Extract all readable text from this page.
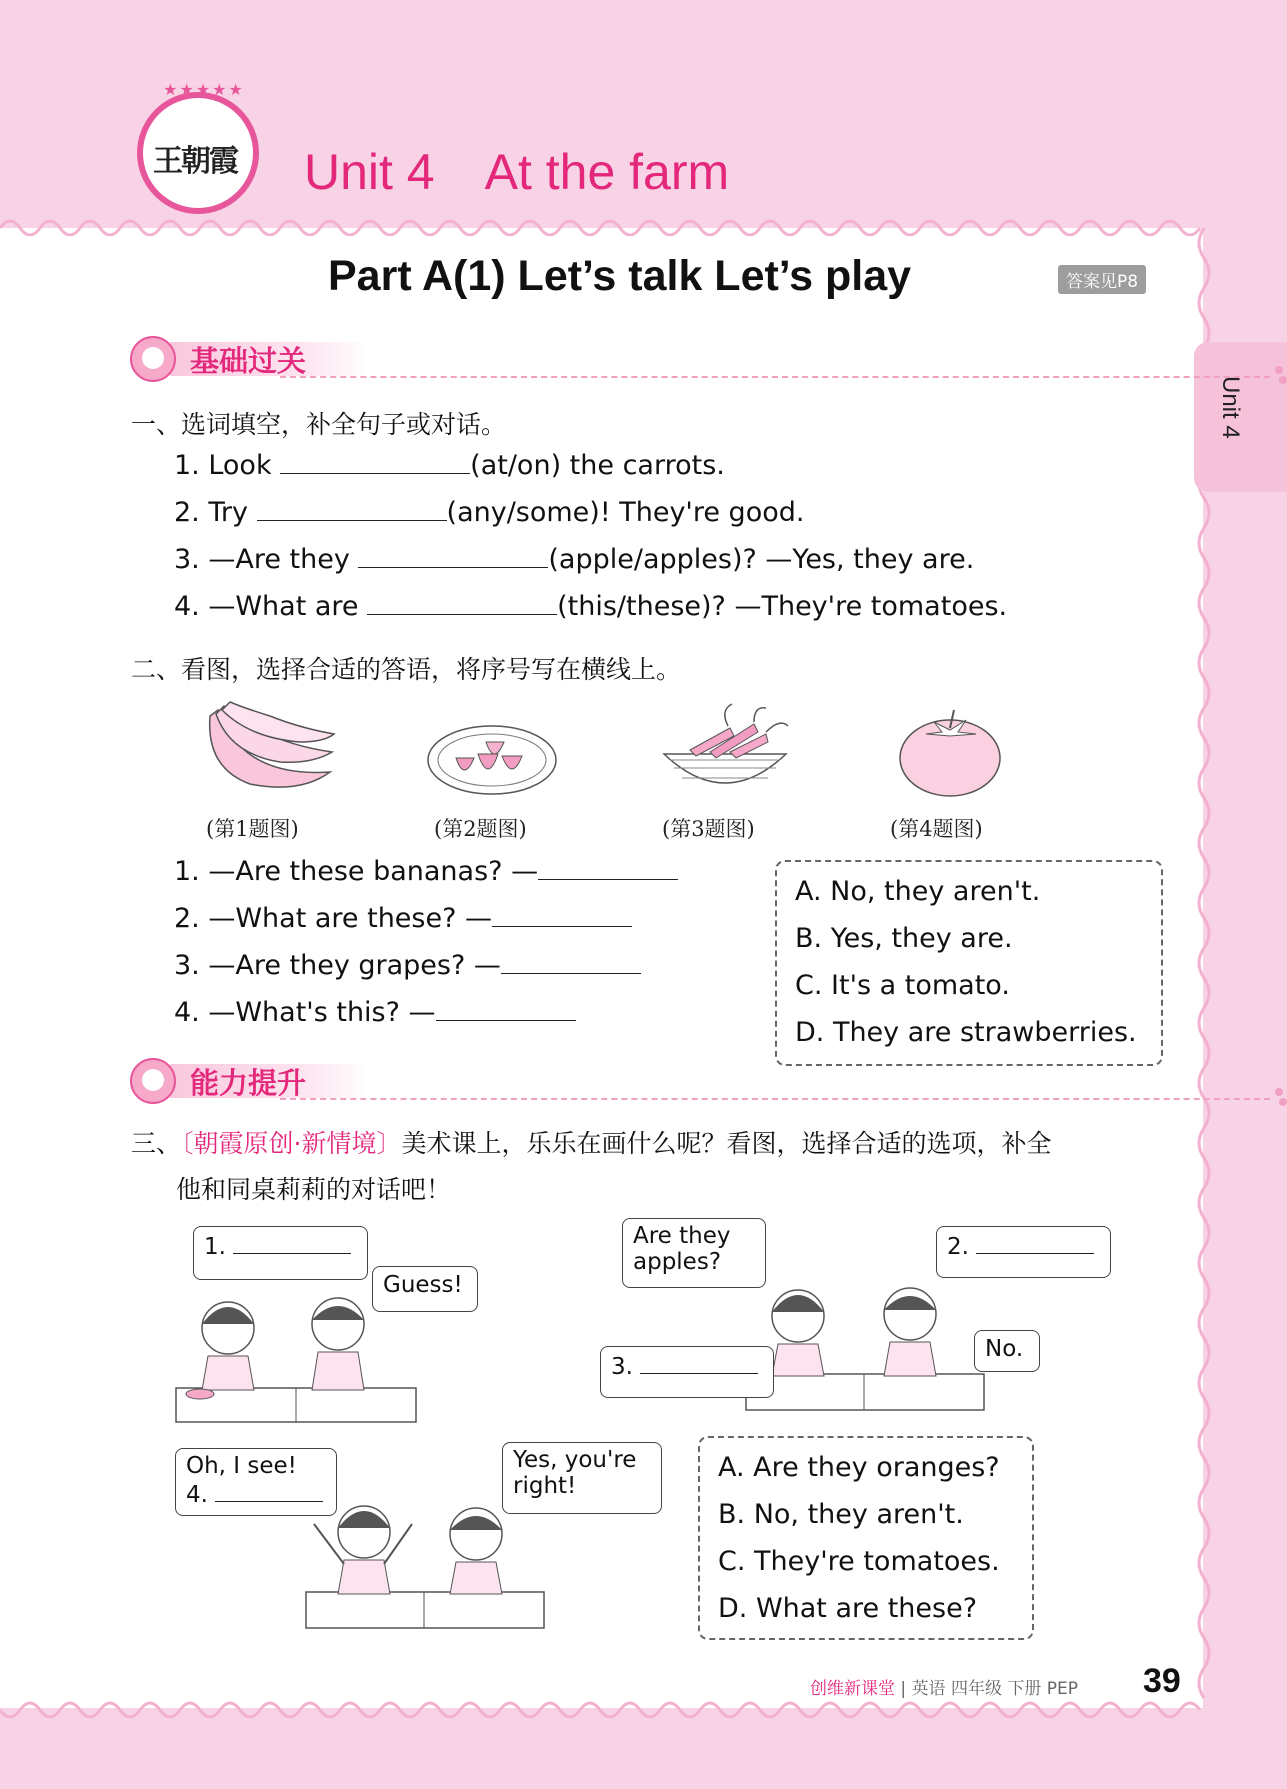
★★★★★
王朝霞 Unit 4　At the farm
Part A(1) Let’s talk Let’s play	答案见P8
Unit 4
基础过关
一、选词填空，补全句子或对话。
1. Look	(at/on) the carrots.
2. Try	(any/some)! They're good.
3. —Are they	(apple/apples)? —Yes, they are.
4. —What are	(this/these)? —They're tomatoes.
二、看图，选择合适的答语，将序号写在横线上。
(第1题图)	(第2题图)	(第3题图)	(第4题图)
1. —Are these bananas? —
2. —What are these? —
3. —Are they grapes? —
4. —What's this? —
A. No, they aren't.
B. Yes, they are.
C. It's a tomato.
D. They are strawberries.
能力提升
三、〔朝霞原创·新情境〕美术课上，乐乐在画什么呢？看图，选择合适的选项，补全
他和同桌莉莉的对话吧！
1.
Guess!
Are they apples?
2.
3.
No.
Oh, I see!
4.
Yes, you're right!
A. Are they oranges?
B. No, they aren't.
C. They're tomatoes.
D. What are these?
创维新课堂 | 英语 四年级 下册 PEP 39
